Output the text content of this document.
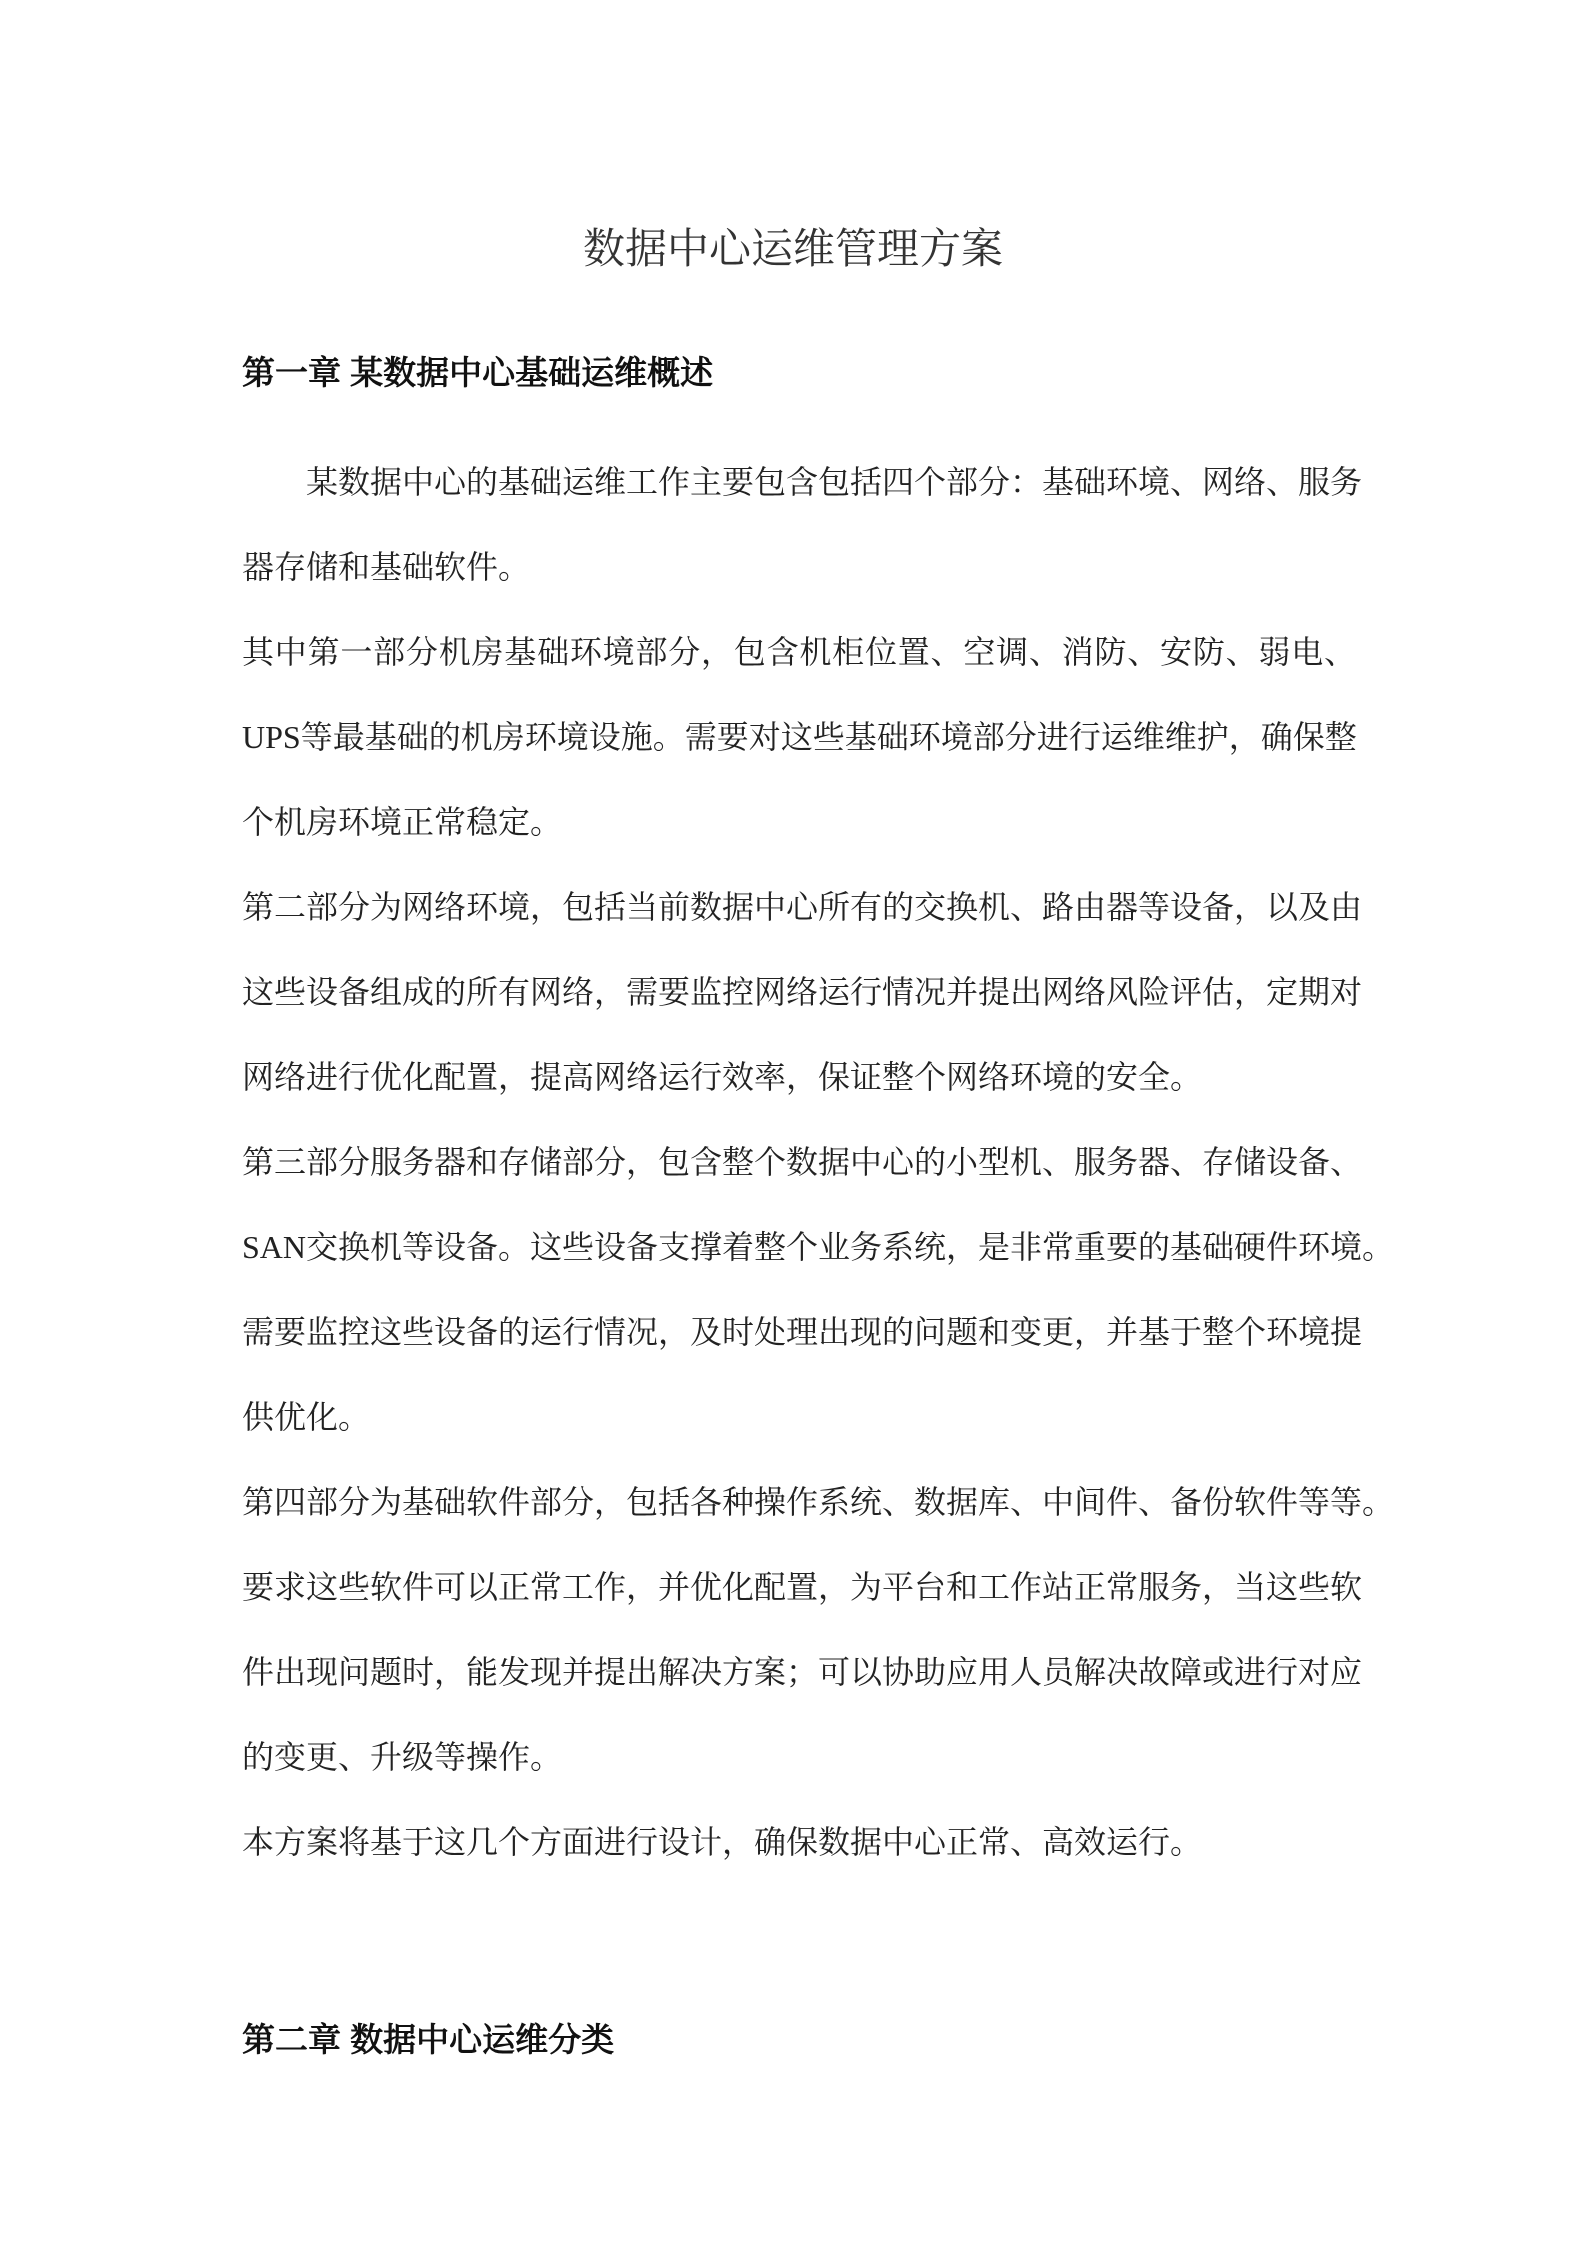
数据中心运维管理方案
第一章 某数据中心基础运维概述
某数据中心的基础运维工作主要包含包括四个部分：基础环境、网络、服务
器存储和基础软件。
其中第一部分机房基础环境部分，包含机柜位置、空调、消防、安防、弱电、
UPS等最基础的机房环境设施。需要对这些基础环境部分进行运维维护，确保整
个机房环境正常稳定。
第二部分为网络环境，包括当前数据中心所有的交换机、路由器等设备，以及由
这些设备组成的所有网络，需要监控网络运行情况并提出网络风险评估，定期对
网络进行优化配置，提高网络运行效率，保证整个网络环境的安全。
第三部分服务器和存储部分，包含整个数据中心的小型机、服务器、存储设备、
SAN交换机等设备。这些设备支撑着整个业务系统，是非常重要的基础硬件环境。
需要监控这些设备的运行情况，及时处理出现的问题和变更，并基于整个环境提
供优化。
第四部分为基础软件部分，包括各种操作系统、数据库、中间件、备份软件等等。
要求这些软件可以正常工作，并优化配置，为平台和工作站正常服务，当这些软
件出现问题时，能发现并提出解决方案；可以协助应用人员解决故障或进行对应
的变更、升级等操作。
本方案将基于这几个方面进行设计，确保数据中心正常、高效运行。
第二章 数据中心运维分类
